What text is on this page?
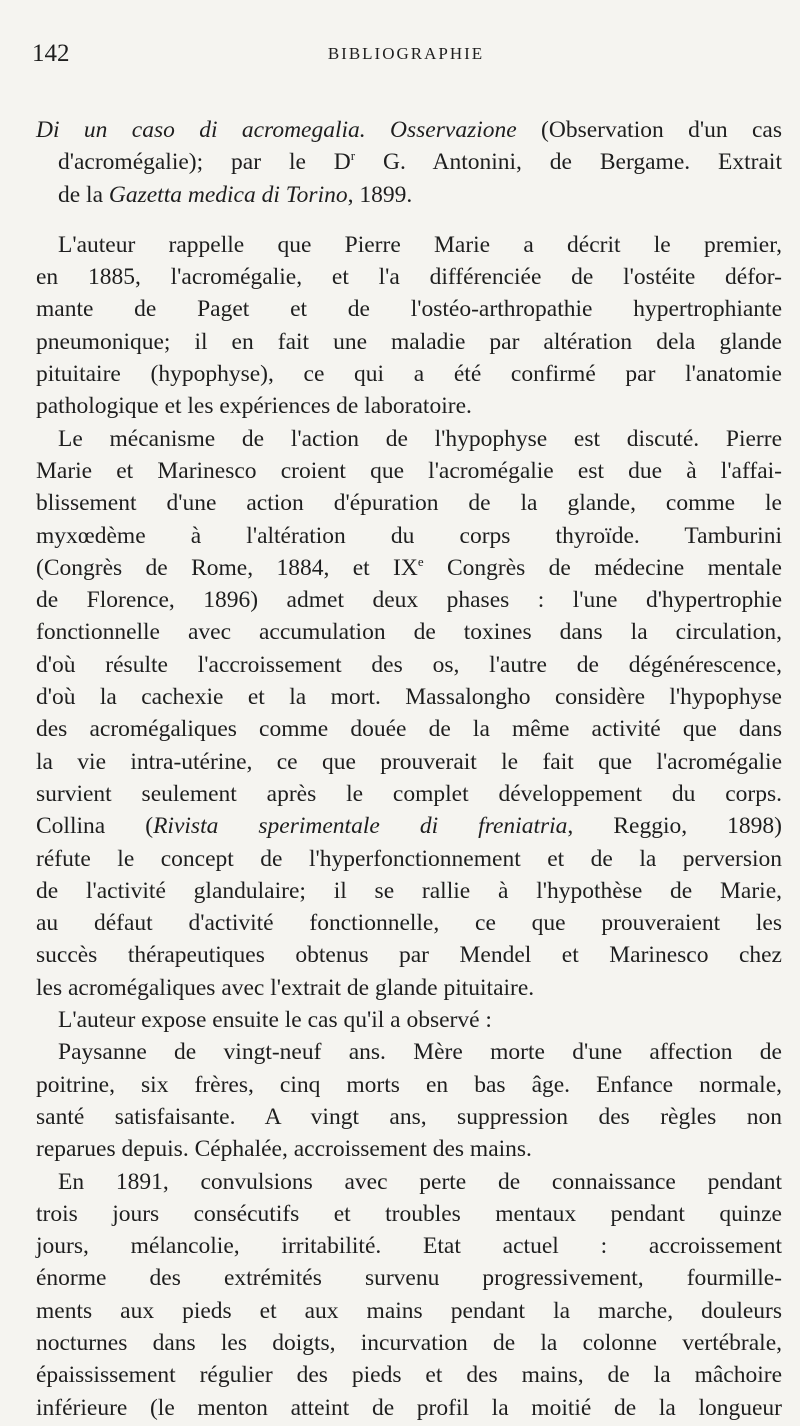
142	BIBLIOGRAPHIE

Di un caso di acromegalia. Osservazione (Observation d'un cas
d'acromégalie); par le $D^r$ G. Antonini, de Bergame. Extrait
de la Gazetta medica di Torino, 1899.

L'auteur rappelle que Pierre Marie a décrit le premier,
en 1885, l'acromégalie, et l'a différenciée de l'ostéite défor-
mante de Paget et de l'ostéo-arthropathie hypertrophiante
pneumonique; il en fait une maladie par altération dela glande
pituitaire (hypophyse), ce qui a été confirmé par l'anatomie
pathologique et les expériences de laboratoire.

Le mécanisme de l'action de l'hypophyse est discuté. Pierre
Marie et Marinesco croient que l'acromégalie est due à l'affai-
blissement d'une action d'épuration de la glande, comme le
myxœdème à l'altération du corps thyroïde. Tamburini
(Congrès de Rome, 1884, et IXe Congrès de médecine mentale
de Florence, 1896) admet deux phases : l'une d'hypertrophie
fonctionnelle avec accumulation de toxines dans la circulation,
d'où résulte l'accroissement des os, l'autre de dégénérescence,
d'où la cachexie et la mort. Massalongho considère l'hypophyse
des acromégaliques comme douée de la même activité que dans
la vie intra-utérine, ce que prouverait le fait que l'acromégalie
survient seulement après le complet développement du corps.
Collina (Rivista sperimentale di freniatria, Reggio, 1898)
réfute le concept de l'hyperfonctionnement et de la perversion
de l'activité glandulaire; il se rallie à l'hypothèse de Marie,
au défaut d'activité fonctionnelle, ce que prouveraient les
succès thérapeutiques obtenus par Mendel et Marinesco chez
les acromégaliques avec l'extrait de glande pituitaire.

L'auteur expose ensuite le cas qu'il a observé :

Paysanne de vingt-neuf ans. Mère morte d'une affection de
poitrine, six frères, cinq morts en bas âge. Enfance normale,
santé satisfaisante. A vingt ans, suppression des règles non
reparues depuis. Céphalée, accroissement des mains.

En 1891, convulsions avec perte de connaissance pendant
trois jours consécutifs et troubles mentaux pendant quinze
jours, mélancolie, irritabilité. Etat actuel : accroissement
énorme des extrémités survenu progressivement, fourmille-
ments aux pieds et aux mains pendant la marche, douleurs
nocturnes dans les doigts, incurvation de la colonne vertébrale,
épaississement régulier des pieds et des mains, de la mâchoire
inférieure (le menton atteint de profil la moitié de la longueur
